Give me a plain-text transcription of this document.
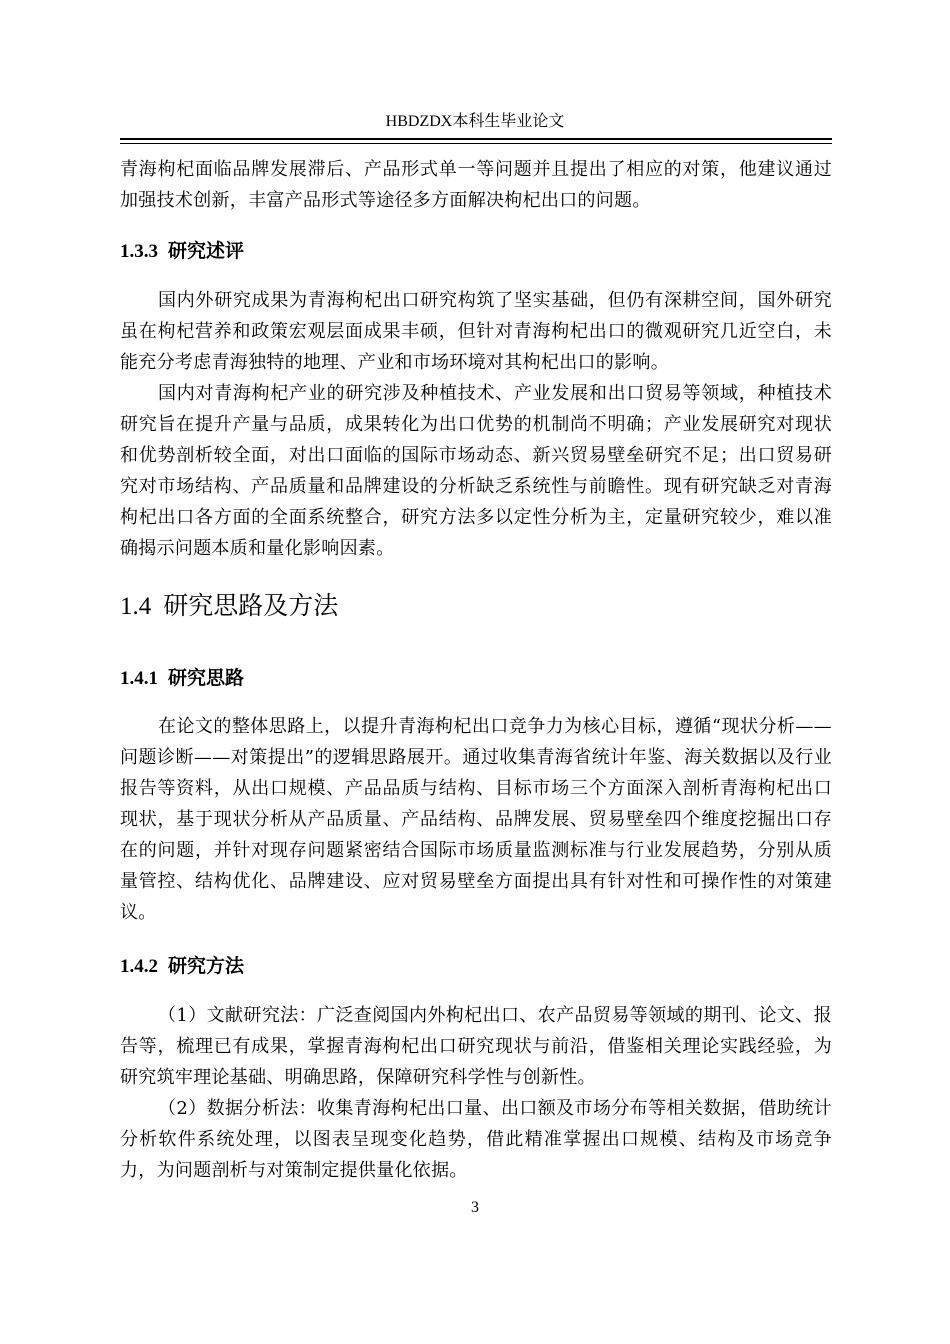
HBDZDX本科生毕业论文

青海枸杞面临品牌发展滞后、产品形式单一等问题并且提出了相应的对策，他建议通过加强技术创新，丰富产品形式等途径多方面解决枸杞出口的问题。

1.3.3 研究述评

国内外研究成果为青海枸杞出口研究构筑了坚实基础，但仍有深耕空间，国外研究虽在枸杞营养和政策宏观层面成果丰硕，但针对青海枸杞出口的微观研究几近空白，未能充分考虑青海独特的地理、产业和市场环境对其枸杞出口的影响。

国内对青海枸杞产业的研究涉及种植技术、产业发展和出口贸易等领域，种植技术研究旨在提升产量与品质，成果转化为出口优势的机制尚不明确；产业发展研究对现状和优势剖析较全面，对出口面临的国际市场动态、新兴贸易壁垒研究不足；出口贸易研究对市场结构、产品质量和品牌建设的分析缺乏系统性与前瞻性。现有研究缺乏对青海枸杞出口各方面的全面系统整合，研究方法多以定性分析为主，定量研究较少，难以准确揭示问题本质和量化影响因素。

1.4 研究思路及方法
1.4.1 研究思路

在论文的整体思路上，以提升青海枸杞出口竞争力为核心目标，遵循“现状分析——问题诊断——对策提出”的逻辑思路展开。通过收集青海省统计年鉴、海关数据以及行业报告等资料，从出口规模、产品品质与结构、目标市场三个方面深入剖析青海枸杞出口现状，基于现状分析从产品质量、产品结构、品牌发展、贸易壁垒四个维度挖掘出口存在的问题，并针对现存问题紧密结合国际市场质量监测标准与行业发展趋势，分别从质量管控、结构优化、品牌建设、应对贸易壁垒方面提出具有针对性和可操作性的对策建议。

1.4.2 研究方法

（1）文献研究法：广泛查阅国内外枸杞出口、农产品贸易等领域的期刊、论文、报告等，梳理已有成果，掌握青海枸杞出口研究现状与前沿，借鉴相关理论实践经验，为研究筑牢理论基础、明确思路，保障研究科学性与创新性。

（2）数据分析法：收集青海枸杞出口量、出口额及市场分布等相关数据，借助统计分析软件系统处理，以图表呈现变化趋势，借此精准掌握出口规模、结构及市场竞争力，为问题剖析与对策制定提供量化依据。

3
